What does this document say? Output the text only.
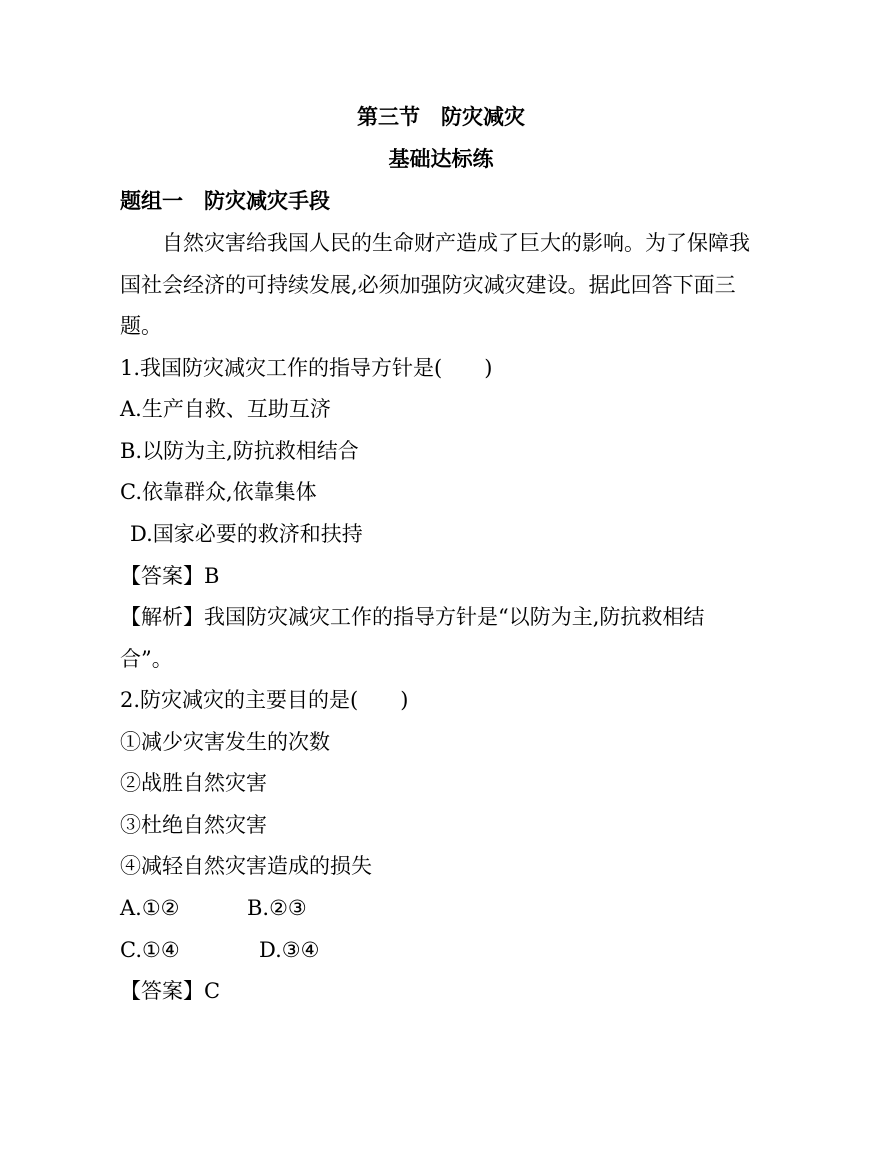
第三节　防灾减灾
基础达标练
题组一　防灾减灾手段
自然灾害给我国人民的生命财产造成了巨大的影响。为了保障我
国社会经济的可持续发展,必须加强防灾减灾建设。据此回答下面三
题。
1.我国防灾减灾工作的指导方针是(　　)
A.生产自救、互助互济
B.以防为主,防抗救相结合
C.依靠群众,依靠集体
D.国家必要的救济和扶持
【答案】B
【解析】我国防灾减灾工作的指导方针是“以防为主,防抗救相结
合”。
2.防灾减灾的主要目的是(　　)
①减少灾害发生的次数
②战胜自然灾害
③杜绝自然灾害
④减轻自然灾害造成的损失
A.①②	B.②③
C.①④	D.③④
【答案】C
